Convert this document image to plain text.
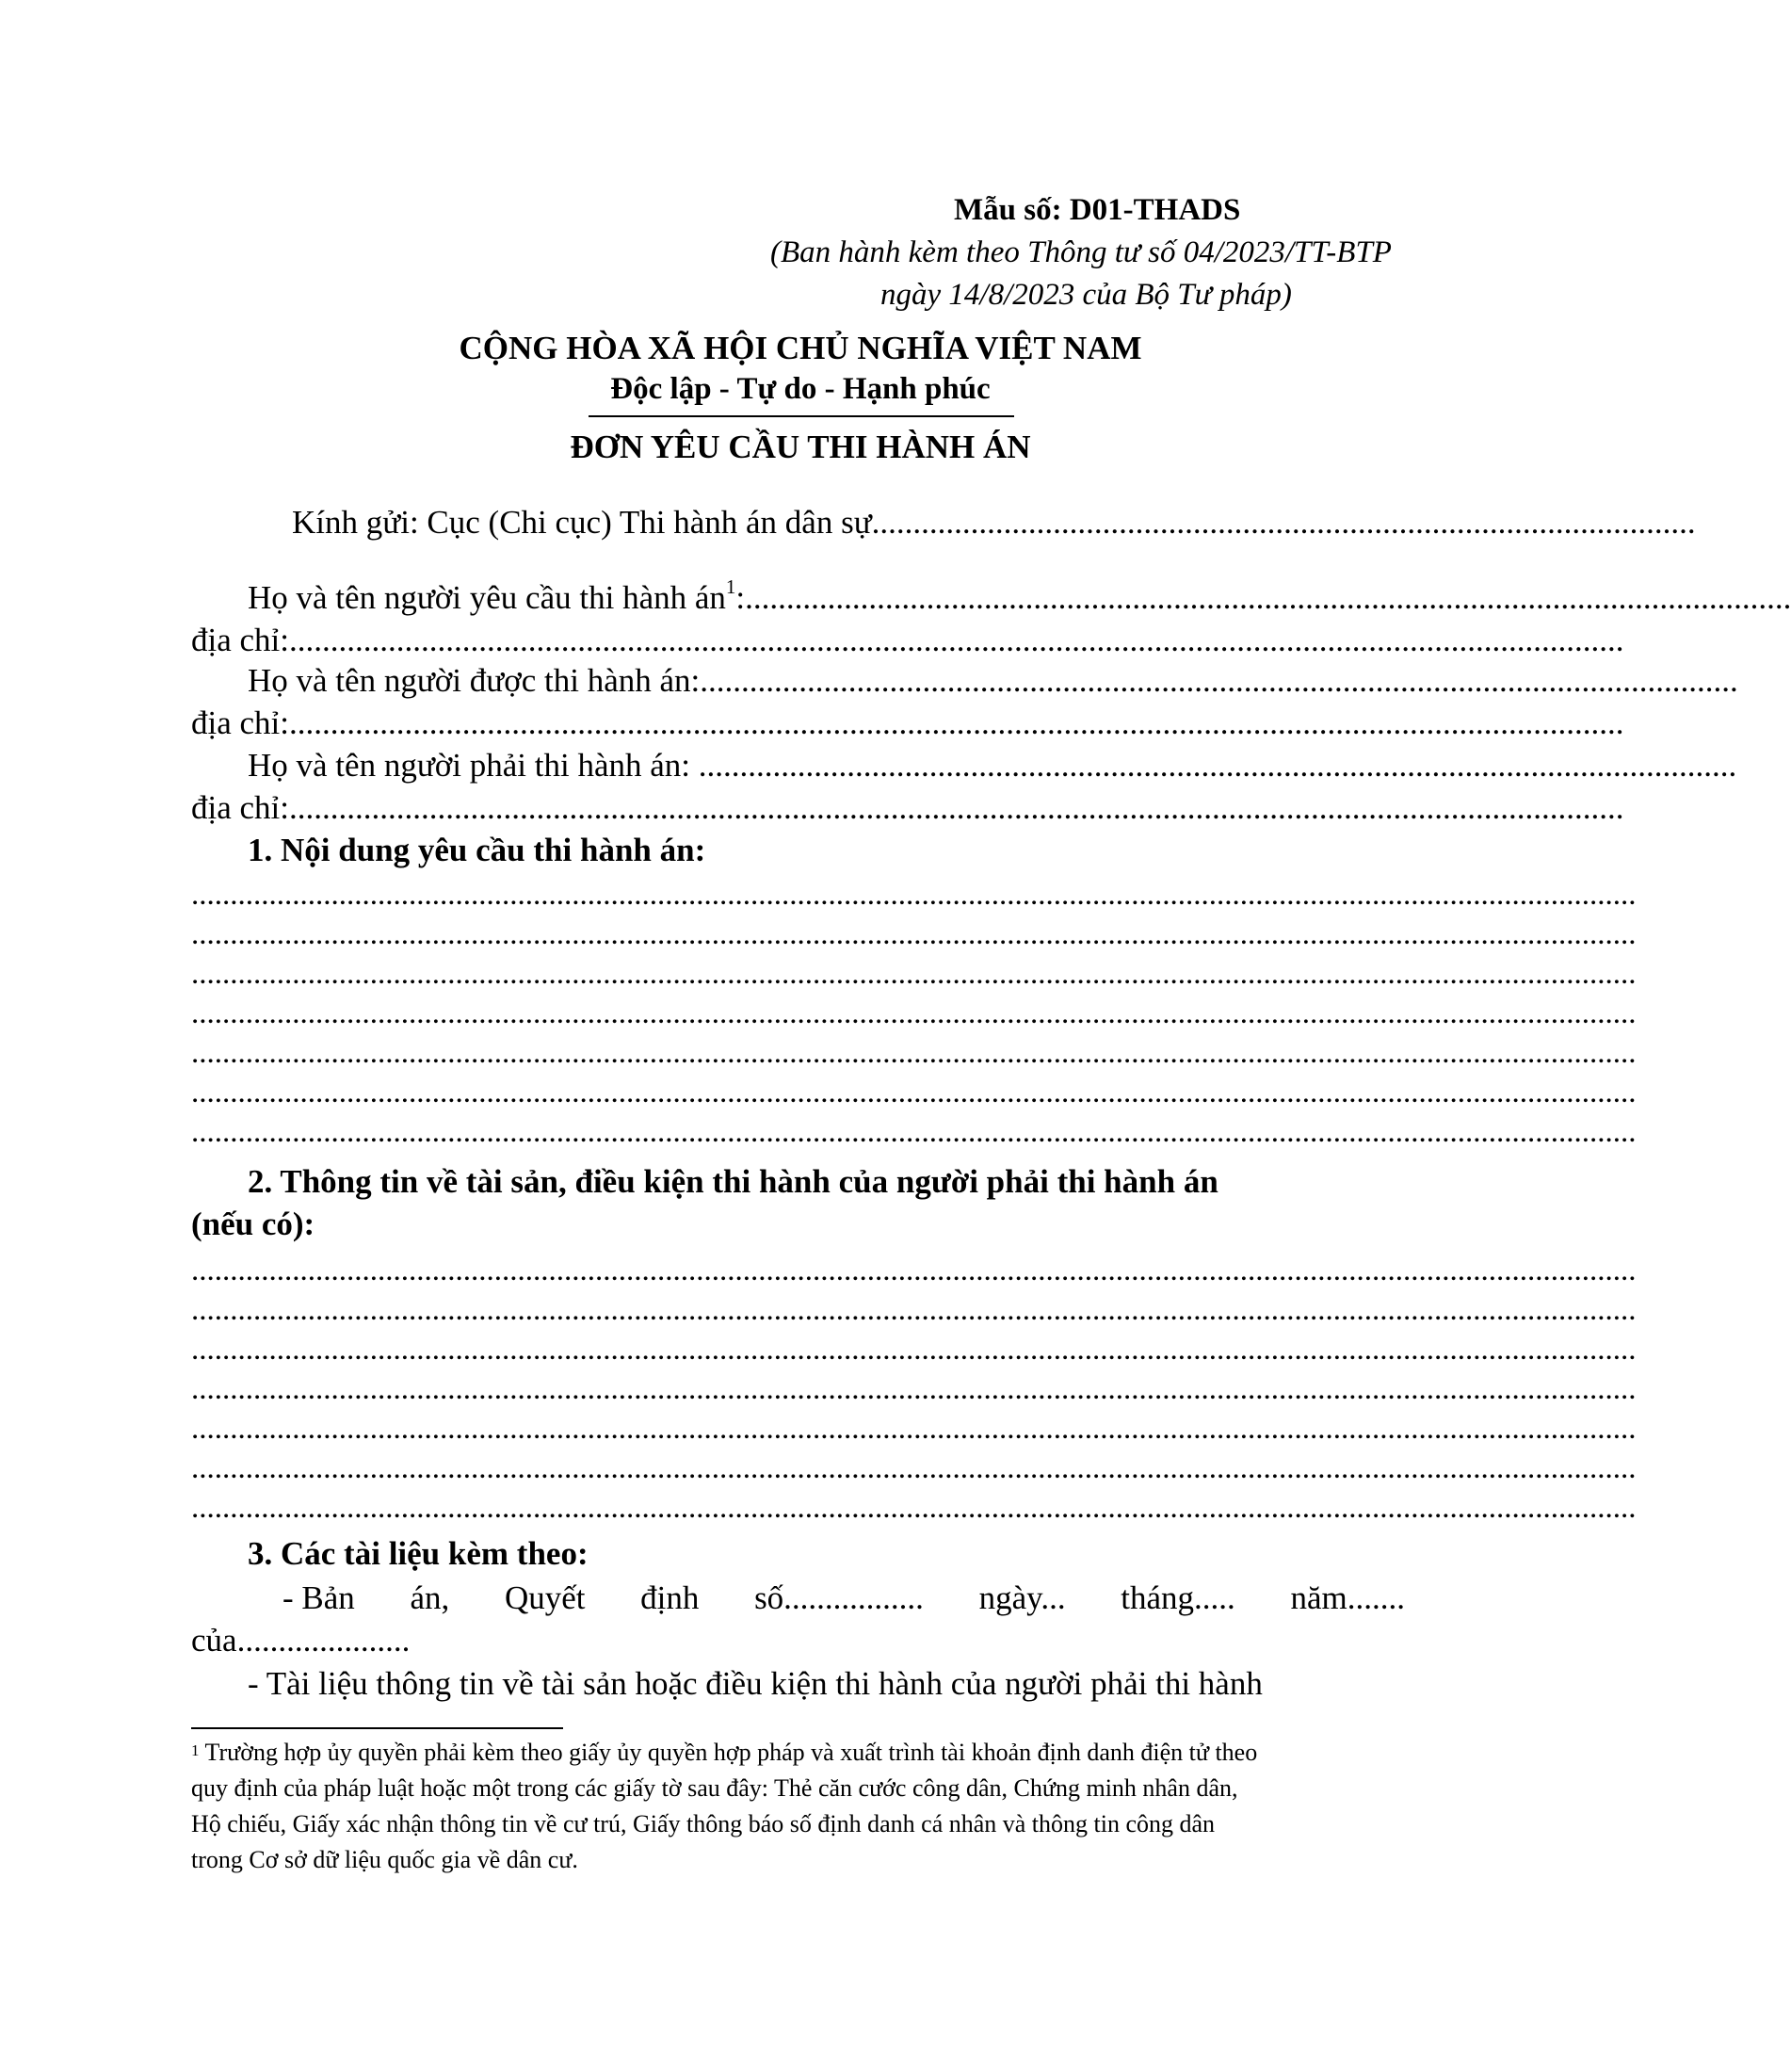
Mẫu số: D01-THADS
(Ban hành kèm theo Thông tư số 04/2023/TT-BTP
ngày 14/8/2023 của Bộ Tư pháp)
CỘNG HÒA XÃ HỘI CHỦ NGHĨA VIỆT NAM
Độc lập - Tự do - Hạnh phúc
ĐƠN YÊU CẦU THI HÀNH ÁN
Kính gửi: Cục (Chi cục) Thi hành án dân sự....................................................................................................
Họ và tên người yêu cầu thi hành $án^1$:...............................................................................................................................
địa chỉ:..................................................................................................................................................................
Họ và tên người được thi hành án:..............................................................................................................................
địa chỉ:..................................................................................................................................................................
Họ và tên người phải thi hành án: ..............................................................................................................................
địa chỉ:..................................................................................................................................................................
1. Nội dung yêu cầu thi hành án:
..........................................................................................................................................................................................
..........................................................................................................................................................................................
..........................................................................................................................................................................................
..........................................................................................................................................................................................
..........................................................................................................................................................................................
..........................................................................................................................................................................................
..........................................................................................................................................................................................
2. Thông tin về tài sản, điều kiện thi hành của người phải thi hành án
(nếu có):
..........................................................................................................................................................................................
..........................................................................................................................................................................................
..........................................................................................................................................................................................
..........................................................................................................................................................................................
..........................................................................................................................................................................................
..........................................................................................................................................................................................
..........................................................................................................................................................................................
3. Các tài liệu kèm theo:
- Bản án, Quyết định số................. ngày... tháng..... năm.......
của.....................
- Tài liệu thông tin về tài sản hoặc điều kiện thi hành của người phải thi hành
$^1$ Trường hợp ủy quyền phải kèm theo giấy ủy quyền hợp pháp và xuất trình tài khoản định danh điện tử theo
quy định của pháp luật hoặc một trong các giấy tờ sau đây: Thẻ căn cước công dân, Chứng minh nhân dân,
Hộ chiếu, Giấy xác nhận thông tin về cư trú, Giấy thông báo số định danh cá nhân và thông tin công dân
trong Cơ sở dữ liệu quốc gia về dân cư.
